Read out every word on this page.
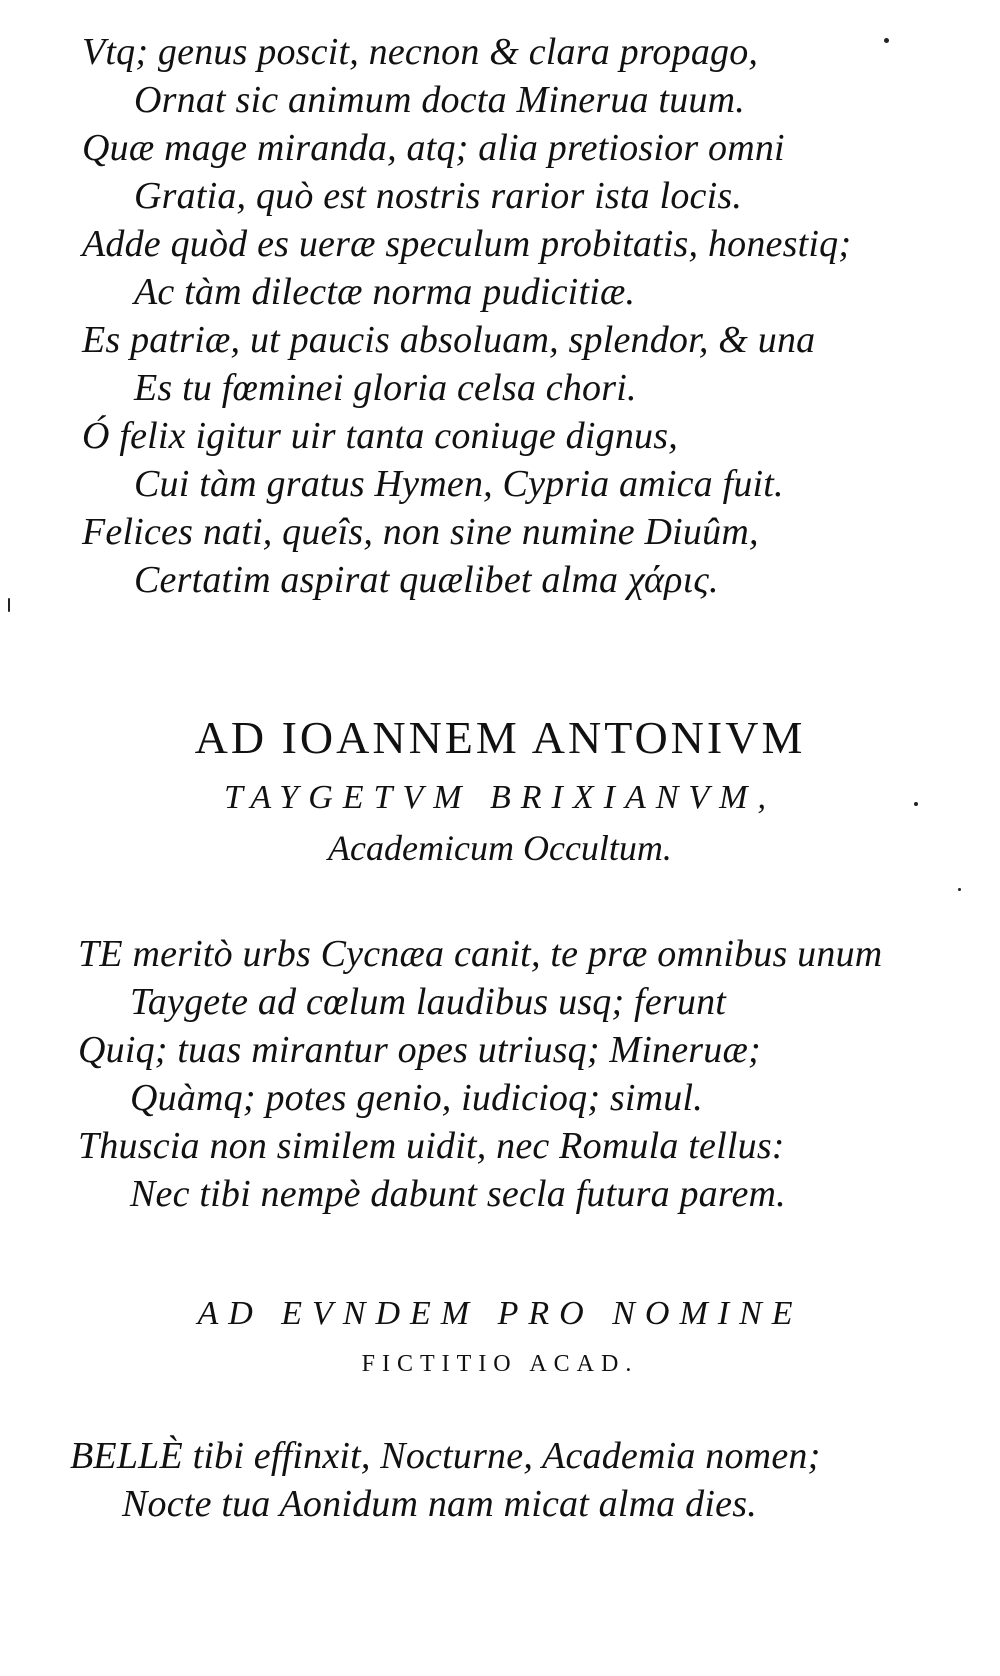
Vtq; genus poscit, necnon & clara propago,
Ornat sic animum docta Minerua tuum.
Quæ mage miranda, atq; alia pretiosior omni
Gratia, quò est nostris rarior ista locis.
Adde quòd es ueræ speculum probitatis, honestiq;
Ac tàm dilectæ norma pudicitiæ.
Es patriæ, ut paucis absoluam, splendor, & una
Es tu fœminei gloria celsa chori.
Ó felix igitur uir tanta coniuge dignus,
Cui tàm gratus Hymen, Cypria amica fuit.
Felices nati, queîs, non sine numine Diuûm,
Certatim aspirat quælibet alma χάρις.
AD IOANNEM ANTONIVM
TAYGETVM BRIXIANVM,
Academicum Occultum.
TE meritò urbs Cycnæa canit, te præ omnibus unum
Taygete ad cœlum laudibus usq; ferunt
Quiq; tuas mirantur opes utriusq; Mineruæ;
Quàmq; potes genio, iudicioq; simul.
Thuscia non similem uidit, nec Romula tellus:
Nec tibi nempè dabunt secla futura parem.
AD EVNDEM PRO NOMINE
FICTITIO ACAD.
BELLÈ tibi effinxit, Nocturne, Academia nomen;
Nocte tua Aonidum nam micat alma dies.
